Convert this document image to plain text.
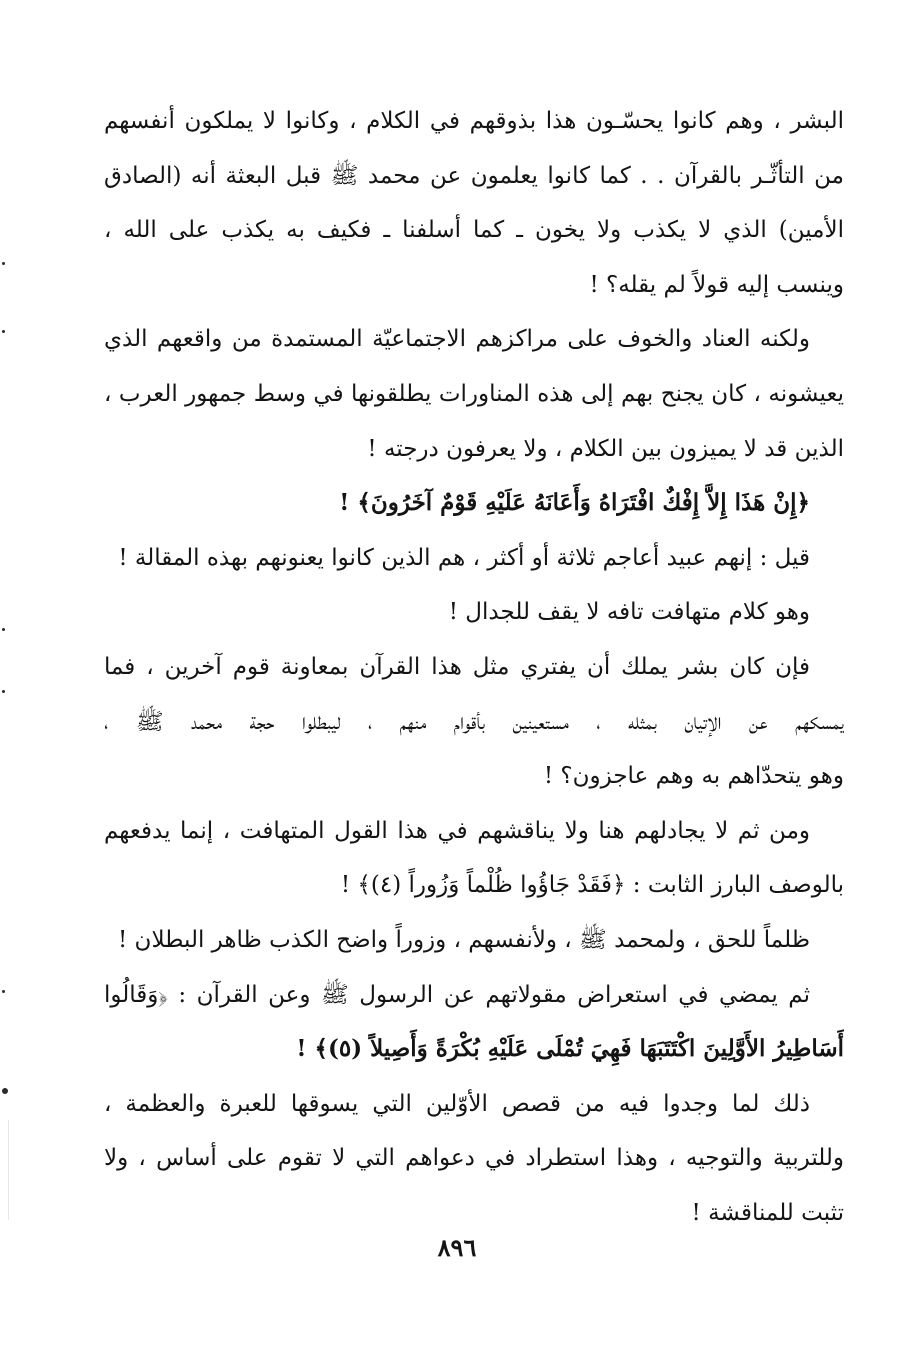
البشر ، وهم كانوا يحسّـون هذا بذوقهم في الكلام ، وكانوا لا يملكون أنفسهم
من التأثّـر بالقرآن . . كما كانوا يعلمون عن محمد ﷺ قبل البعثة أنه (الصادق
الأمين) الذي لا يكذب ولا يخون ـ كما أسلفنا ـ فكيف به يكذب على الله ،
وينسب إليه قولاً لم يقله؟ !
ولكنه العناد والخوف على مراكزهم الاجتماعيّة المستمدة من واقعهم الذي
يعيشونه ، كان يجنح بهم إلى هذه المناورات يطلقونها في وسط جمهور العرب ،
الذين قد لا يميزون بين الكلام ، ولا يعرفون درجته !
﴿إِنْ هَذَا إِلاَّ إِفْكٌ افْتَرَاهُ وَأَعَانَهُ عَلَيْهِ قَوْمٌ آخَرُونَ﴾ !
قيل : إنهم عبيد أعاجم ثلاثة أو أكثر ، هم الذين كانوا يعنونهم بهذه المقالة !
وهو كلام متهافت تافه لا يقف للجدال !
فإن كان بشر يملك أن يفتري مثل هذا القرآن بمعاونة قوم آخرين ، فما
يمسكهم عن الإتيان بمثله ، مستعينين بأقوام منهم ، ليبطلوا حجة محمد ﷺ ،
وهو يتحدّاهم به وهم عاجزون؟ !
ومن ثم لا يجادلهم هنا ولا يناقشهم في هذا القول المتهافت ، إنما يدفعهم
بالوصف البارز الثابت : ﴿فَقَدْ جَاؤُوا ظُلْماً وَزُوراً (٤)﴾ !
ظلماً للحق ، ولمحمد ﷺ ، ولأنفسهم ، وزوراً واضح الكذب ظاهر البطلان !
ثم يمضي في استعراض مقولاتهم عن الرسول ﷺ وعن القرآن : ﴿وَقَالُوا
أَسَاطِيرُ الأَوَّلِينَ اكْتَتَبَهَا فَهِيَ تُمْلَى عَلَيْهِ بُكْرَةً وَأَصِيلاً (٥)﴾ !
ذلك لما وجدوا فيه من قصص الأوّلين التي يسوقها للعبرة والعظمة ،
وللتربية والتوجيه ، وهذا استطراد في دعواهم التي لا تقوم على أساس ، ولا
تثبت للمناقشة !
٨٩٦
